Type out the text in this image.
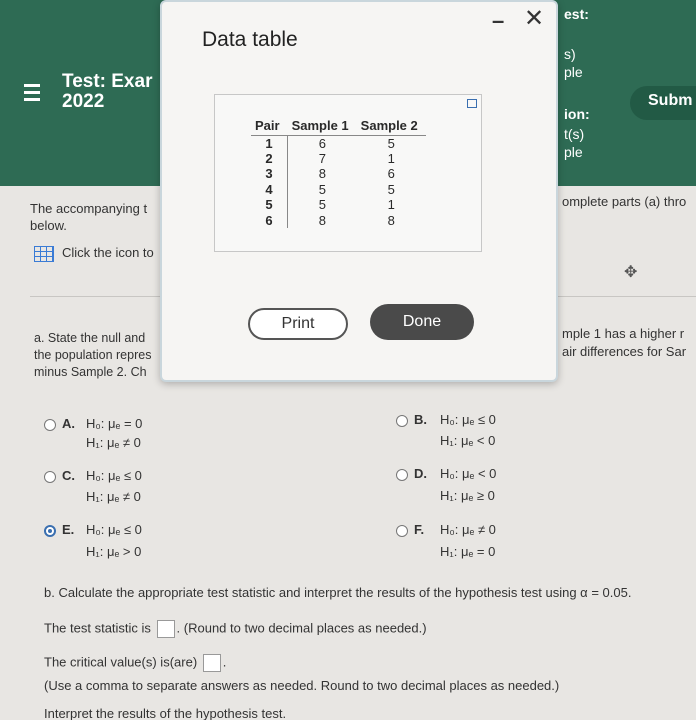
Test: Exar
2022
est:
s)
ple
ion:
t(s)
ple
Subm
The accompanying t below.
Click the icon to
omplete parts (a) thro
✥
a. State the null and the population repres minus Sample 2. Ch
mple 1 has a higher r
air differences for Sar
A. H₀: μₑ = 0
H₁: μₑ ≠ 0
B. H₀: μₑ ≤ 0
H₁: μₑ < 0
C. H₀: μₑ ≤ 0
H₁: μₑ ≠ 0
D. H₀: μₑ < 0
H₁: μₑ ≥ 0
E. H₀: μₑ ≤ 0
H₁: μₑ > 0
F. H₀: μₑ ≠ 0
H₁: μₑ = 0
b. Calculate the appropriate test statistic and interpret the results of the hypothesis test using α = 0.05.
The test statistic is . (Round to two decimal places as needed.)
The critical value(s) is(are) .
(Use a comma to separate answers as needed. Round to two decimal places as needed.)
Interpret the results of the hypothesis test.
Data table
– ✕
Pair	Sample 1	Sample 2
1	6	5
2	7	1
3	8	6
4	5	5
5	5	1
6	8	8
Print	Done
